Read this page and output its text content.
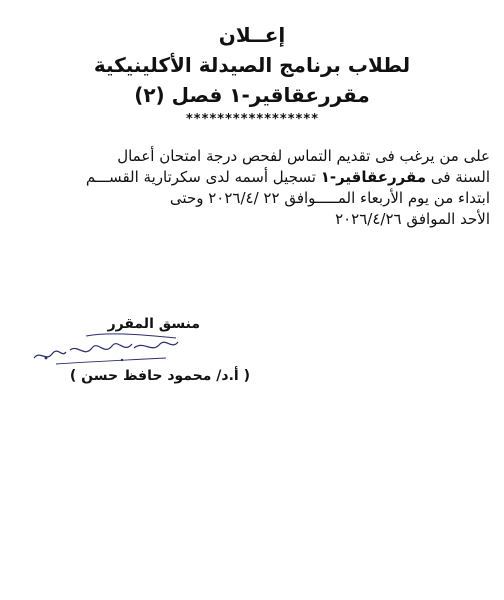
إعــلان
لطلاب برنامج الصيدلة الأكلينيكية
مقررعقاقير-١ فصل (٢)
*****************

على من يرغب فى تقديم التماس لفحص درجة امتحان أعمال

السنة فى مقررعقاقير-١ تسجيل أسمه لدى سكرتارية القســـم

ابتداء من يوم الأربعاء المـــــوافق ٢٢ /٢٠٢٦/٤ وحتى

الأحد الموافق ٢٠٢٦/٤/٢٦

منسق المقرر
( أ.د/ محمود حافظ حسن )
